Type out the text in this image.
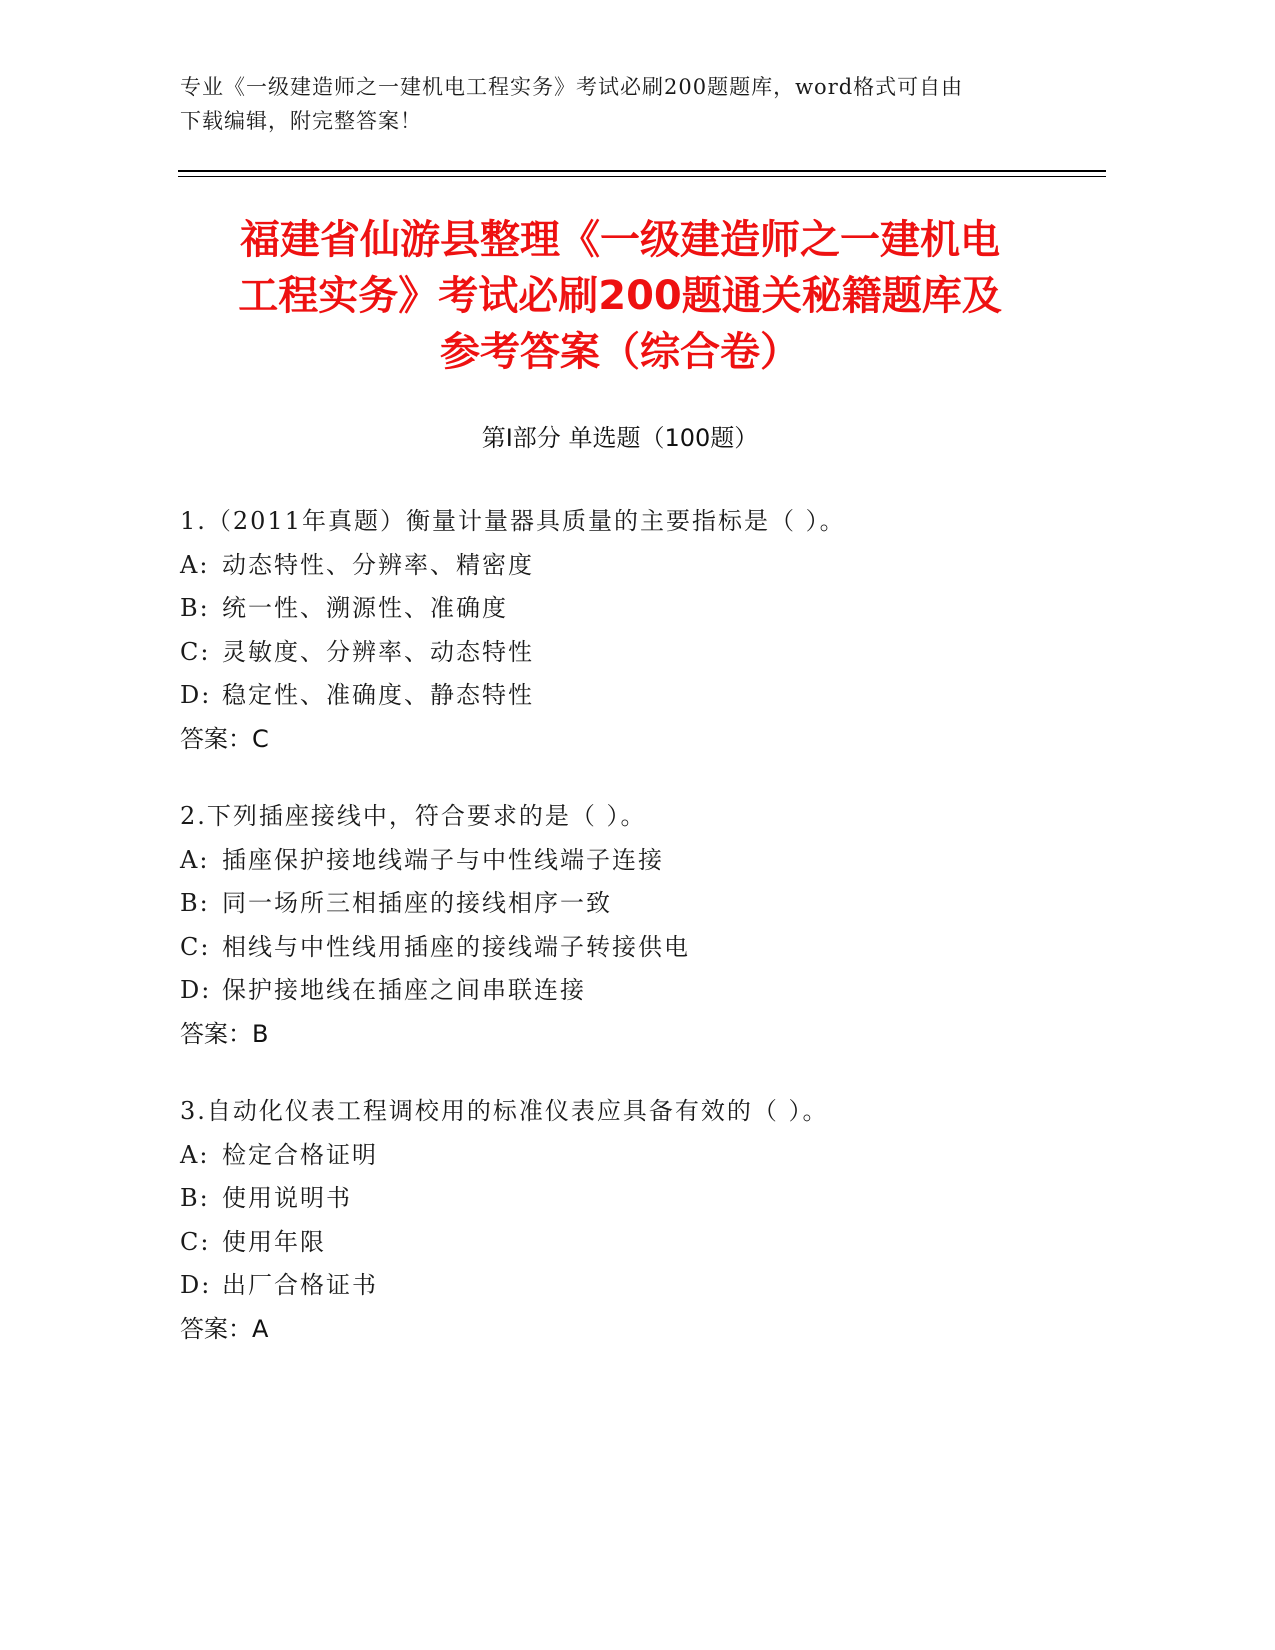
专业《一级建造师之一建机电工程实务》考试必刷200题题库，word格式可自由
下载编辑，附完整答案！
福建省仙游县整理《一级建造师之一建机电
工程实务》考试必刷200题通关秘籍题库及
参考答案（综合卷）
第Ⅰ部分 单选题（100题）
1.（2011年真题）衡量计量器具质量的主要指标是（ ）。
A: 动态特性、分辨率、精密度
B: 统一性、溯源性、准确度
C: 灵敏度、分辨率、动态特性
D: 稳定性、准确度、静态特性
答案：C
2.下列插座接线中，符合要求的是（ ）。
A: 插座保护接地线端子与中性线端子连接
B: 同一场所三相插座的接线相序一致
C: 相线与中性线用插座的接线端子转接供电
D: 保护接地线在插座之间串联连接
答案：B
3.自动化仪表工程调校用的标准仪表应具备有效的（ ）。
A: 检定合格证明
B: 使用说明书
C: 使用年限
D: 出厂合格证书
答案：A
